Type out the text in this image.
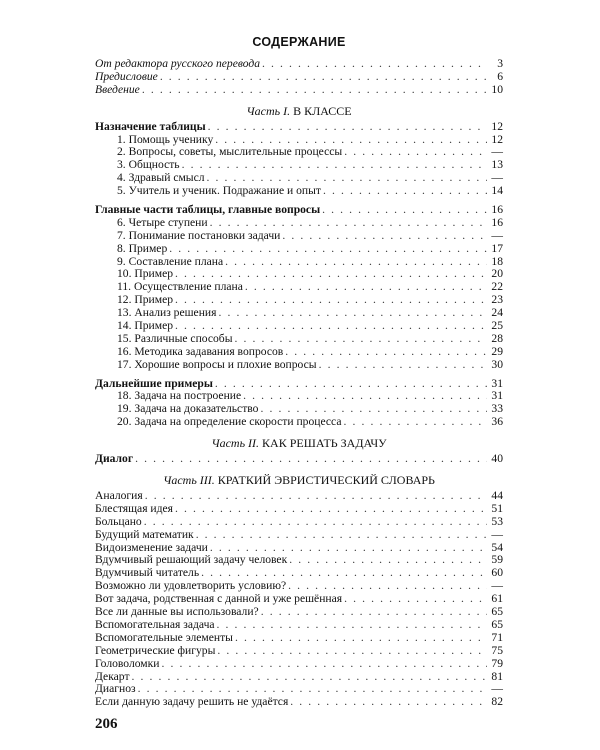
СОДЕРЖАНИЕ
От редактора русского перевода . . .	3
Предисловие . . .	6
Введение . . .	10
Часть I. В КЛАССЕ
Назначение таблицы . . .	12
1. Помощь ученику . . .	12
2. Вопросы, советы, мыслительные процессы . . .	—
3. Общность . . .	13
4. Здравый смысл . . .	—
5. Учитель и ученик. Подражание и опыт . . .	14
Главные части таблицы, главные вопросы . . .	16
6. Четыре ступени . . .	16
7. Понимание постановки задачи . . .	—
8. Пример . . .	17
9. Составление плана . . .	18
10. Пример . . .	20
11. Осуществление плана . . .	22
12. Пример . . .	23
13. Анализ решения . . .	24
14. Пример . . .	25
15. Различные способы . . .	28
16. Методика задавания вопросов . . .	29
17. Хорошие вопросы и плохие вопросы . . .	30
Дальнейшие примеры . . .	31
18. Задача на построение . . .	31
19. Задача на доказательство . . .	33
20. Задача на определение скорости процесса . . .	36
Часть II. КАК РЕШАТЬ ЗАДАЧУ
Диалог . . .	40
Часть III. КРАТКИЙ ЭВРИСТИЧЕСКИЙ СЛОВАРЬ
Аналогия . . .	44
Блестящая идея . . .	51
Больцано . . .	53
Будущий математик . . .	—
Видоизменение задачи . . .	54
Вдумчивый решающий задачу человек . . .	59
Вдумчивый читатель . . .	60
Возможно ли удовлетворить условию? . . .	—
Вот задача, родственная с данной и уже решённая . . .	61
Все ли данные вы использовали? . . .	65
Вспомогательная задача . . .	65
Вспомогательные элементы . . .	71
Геометрические фигуры . . .	75
Головоломки . . .	79
Декарт . . .	81
Диагноз . . .	—
Если данную задачу решить не удаётся . . .	82
206
